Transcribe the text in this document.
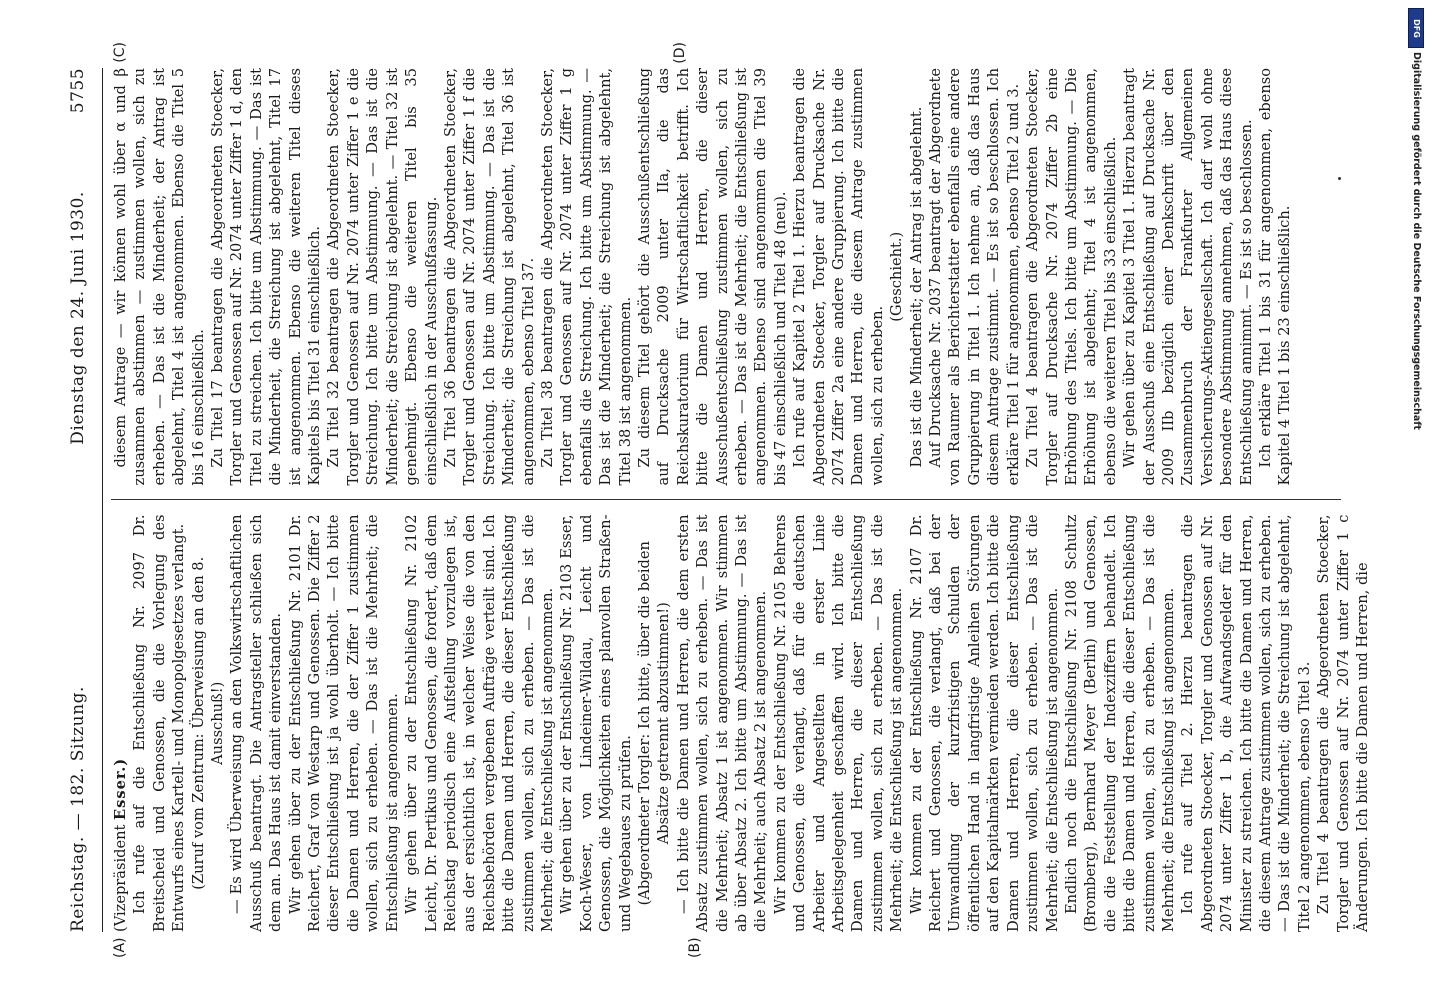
Reichstag. — 182. Sitzung.
Dienstag den 24. Juni 1930.
5755
(A)	(B)

(Vizepräsident Esser.) Ich rufe auf die Entschließung Nr. 2097 Dr. Breitscheid und Genossen, die die Vorlegung des Entwurfs eines Kartell- und Monopolgesetzes verlangt. (Zuruf vom Zentrum: Überweisung an den 8. Ausschuß!) — Es wird Überweisung an den Volkswirtschaftlichen Ausschuß beantragt. Die Antragsteller schließen sich dem an. Das Haus ist damit einverstanden. Wir gehen über zu der Entschließung Nr. 2101 Dr. Reichert, Graf von Westarp und Genossen. Die Ziffer 2 dieser Entschließung ist ja wohl überholt. — Ich bitte die Damen und Herren, die der Ziffer 1 zustimmen wollen, sich zu erheben. — Das ist die Mehrheit; die Entschließung ist angenommen. Wir gehen über zu der Entschließung Nr. 2102 Leicht, Dr. Pertikus und Genossen, die fordert, daß dem Reichstag periodisch eine Aufstellung vorzulegen ist, aus der ersichtlich ist, in welcher Weise die von den Reichsbehörden vergebenen Aufträge verteilt sind. Ich bitte die Damen und Herren, die dieser Entschließung zustimmen wollen, sich zu erheben. — Das ist die Mehrheit; die Entschließung ist angenommen. Wir gehen über zu der Entschließung Nr. 2103 Esser, Koch-Weser, von Lindeiner-Wildau, Leicht und Genossen, die Möglichkeiten eines planvollen Straßen- und Wegebaues zu prüfen. (Abgeordneter Torgler: Ich bitte, über die beiden Absätze getrennt abzustimmen!) — Ich bitte die Damen und Herren, die dem ersten Absatz zustimmen wollen, sich zu erheben. — Das ist die Mehrheit; Absatz 1 ist angenommen. Wir stimmen ab über Absatz 2. Ich bitte um Abstimmung. — Das ist die Mehrheit; auch Absatz 2 ist angenommen. Wir kommen zu der Entschließung Nr. 2105 Behrens und Genossen, die verlangt, daß für die deutschen Arbeiter und Angestellten in erster Linie Arbeitsgelegenheit geschaffen wird. Ich bitte die Damen und Herren, die dieser Entschließung zustimmen wollen, sich zu erheben. — Das ist die Mehrheit; die Entschließung ist angenommen. Wir kommen zu der Entschließung Nr. 2107 Dr. Reichert und Genossen, die verlangt, daß bei der Umwandlung der kurzfristigen Schulden der öffentlichen Hand in langfristige Anleihen Störungen auf den Kapitalmärkten vermieden werden. Ich bitte die Damen und Herren, die dieser Entschließung zustimmen wollen, sich zu erheben. — Das ist die Mehrheit; die Entschließung ist angenommen. Endlich noch die Entschließung Nr. 2108 Schultz (Bromberg), Bernhard Meyer (Berlin) und Genossen, die die Feststellung der Indexziffern behandelt. Ich bitte die Damen und Herren, die dieser Entschließung zustimmen wollen, sich zu erheben. — Das ist die Mehrheit; die Entschließung ist angenommen. Ich rufe auf Titel 2. Hierzu beantragen die Abgeordneten Stoecker, Torgler und Genossen auf Nr. 2074 unter Ziffer 1 b, die Aufwandsgelder für den Minister zu streichen. Ich bitte die Damen und Herren, die diesem Antrage zustimmen wollen, sich zu erheben. — Das ist die Minderheit; die Streichung ist abgelehnt, Titel 2 angenommen, ebenso Titel 3. Zu Titel 4 beantragen die Abgeordneten Stoecker, Torgler und Genossen auf Nr. 2074 unter Ziffer 1 c Änderungen. Ich bitte die Damen und Herren, die

(C)	(D)

diesem Antrage — wir können wohl über α und β zusammen abstimmen — zustimmen wollen, sich zu erheben. — Das ist die Minderheit; der Antrag ist abgelehnt, Titel 4 ist angenommen. Ebenso die Titel 5 bis 16 einschließlich. Zu Titel 17 beantragen die Abgeordneten Stoecker, Torgler und Genossen auf Nr. 2074 unter Ziffer 1 d, den Titel zu streichen. Ich bitte um Abstimmung. — Das ist die Minderheit, die Streichung ist abgelehnt, Titel 17 ist angenommen. Ebenso die weiteren Titel dieses Kapitels bis Titel 31 einschließlich. Zu Titel 32 beantragen die Abgeordneten Stoecker, Torgler und Genossen auf Nr. 2074 unter Ziffer 1 e die Streichung. Ich bitte um Abstimmung. — Das ist die Minderheit; die Streichung ist abgelehnt. — Titel 32 ist genehmigt. Ebenso die weiteren Titel bis 35 einschließlich in der Ausschußfassung. Zu Titel 36 beantragen die Abgeordneten Stoecker, Torgler und Genossen auf Nr. 2074 unter Ziffer 1 f die Streichung. Ich bitte um Abstimmung. — Das ist die Minderheit; die Streichung ist abgelehnt, Titel 36 ist angenommen, ebenso Titel 37. Zu Titel 38 beantragen die Abgeordneten Stoecker, Torgler und Genossen auf Nr. 2074 unter Ziffer 1 g ebenfalls die Streichung. Ich bitte um Abstimmung. — Das ist die Minderheit; die Streichung ist abgelehnt, Titel 38 ist angenommen. Zu diesem Titel gehört die Ausschußentschließung auf Drucksache 2009 unter IIa, die das Reichskuratorium für Wirtschaftlichkeit betrifft. Ich bitte die Damen und Herren, die dieser Ausschußentschließung zustimmen wollen, sich zu erheben. — Das ist die Mehrheit; die Entschließung ist angenommen. Ebenso sind angenommen die Titel 39 bis 47 einschließlich und Titel 48 (neu). Ich rufe auf Kapitel 2 Titel 1. Hierzu beantragen die Abgeordneten Stoecker, Torgler auf Drucksache Nr. 2074 Ziffer 2a eine andere Gruppierung. Ich bitte die Damen und Herren, die diesem Antrage zustimmen wollen, sich zu erheben.

(Geschieht.) Das ist die Minderheit; der Antrag ist abgelehnt. Auf Drucksache Nr. 2037 beantragt der Abgeordnete von Raumer als Berichterstatter ebenfalls eine andere Gruppierung in Titel 1. Ich nehme an, daß das Haus diesem Antrage zustimmt. — Es ist so beschlossen. Ich erkläre Titel 1 für angenommen, ebenso Titel 2 und 3. Zu Titel 4 beantragen die Abgeordneten Stoecker, Torgler auf Drucksache Nr. 2074 Ziffer 2b eine Erhöhung des Titels. Ich bitte um Abstimmung. — Die Erhöhung ist abgelehnt; Titel 4 ist angenommen, ebenso die weiteren Titel bis 33 einschließlich. Wir gehen über zu Kapitel 3 Titel 1. Hierzu beantragt der Ausschuß eine Entschließung auf Drucksache Nr. 2009 IIb bezüglich einer Denkschrift über den Zusammenbruch der Frankfurter Allgemeinen Versicherungs-Aktiengesellschaft. Ich darf wohl ohne besondere Abstimmung annehmen, daß das Haus diese Entschließung annimmt. — Es ist so beschlossen. Ich erkläre Titel 1 bis 31 für angenommen, ebenso Kapitel 4 Titel 1 bis 23 einschließlich.

DFG
Digitalisierung gefördert durch die Deutsche Forschungsgemeinschaft
